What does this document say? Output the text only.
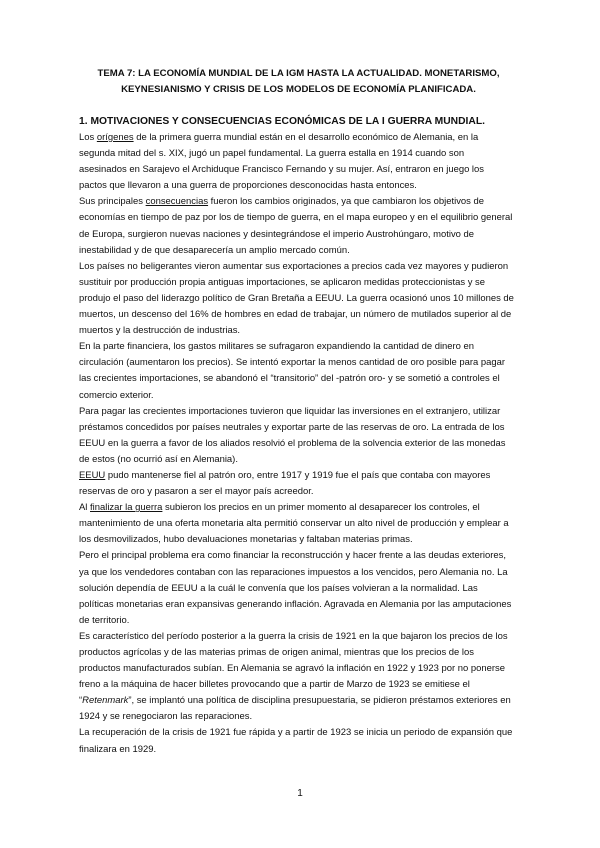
TEMA 7: LA ECONOMÍA MUNDIAL DE LA IGM HASTA LA ACTUALIDAD. MONETARISMO,
KEYNESIANISMO Y CRISIS DE LOS MODELOS DE ECONOMÍA PLANIFICADA.
1. MOTIVACIONES Y CONSECUENCIAS ECONÓMICAS DE LA I GUERRA MUNDIAL.

Los orígenes de la primera guerra mundial están en el desarrollo económico de Alemania, en la segunda mitad del s. XIX, jugó un papel fundamental. La guerra estalla en 1914 cuando son asesinados en Sarajevo el Archiduque Francisco Fernando y su mujer. Así, entraron en juego los pactos que llevaron a una guerra de proporciones desconocidas hasta entonces.

Sus principales consecuencias fueron los cambios originados, ya que cambiaron los objetivos de economías en tiempo de paz por los de tiempo de guerra, en el mapa europeo y en el equilibrio general de Europa, surgieron nuevas naciones y desintegrándose el imperio Austrohúngaro, motivo de inestabilidad y de que desaparecería un amplio mercado común.

Los países no beligerantes vieron aumentar sus exportaciones a precios cada vez mayores y pudieron sustituir por producción propia antiguas importaciones, se aplicaron medidas proteccionistas y se produjo el paso del liderazgo político de Gran Bretaña a EEUU. La guerra ocasionó unos 10 millones de muertos, un descenso del 16% de hombres en edad de trabajar, un número de mutilados superior al de muertos y la destrucción de industrias.

En la parte financiera, los gastos militares se sufragaron expandiendo la cantidad de dinero en circulación (aumentaron los precios). Se intentó exportar la menos cantidad de oro posible para pagar las crecientes importaciones, se abandonó el “transitorio” del -patrón oro- y se sometió a controles el comercio exterior.

Para pagar las crecientes importaciones tuvieron que liquidar las inversiones en el extranjero, utilizar préstamos concedidos por países neutrales y exportar parte de las reservas de oro. La entrada de los EEUU en la guerra a favor de los aliados resolvió el problema de la solvencia exterior de las monedas de estos (no ocurrió así en Alemania).

EEUU pudo mantenerse fiel al patrón oro, entre 1917 y 1919 fue el país que contaba con mayores reservas de oro y pasaron a ser el mayor país acreedor.

Al finalizar la guerra subieron los precios en un primer momento al desaparecer los controles, el mantenimiento de una oferta monetaria alta permitió conservar un alto nivel de producción y emplear a los desmovilizados, hubo devaluaciones monetarias y faltaban materias primas.

Pero el principal problema era como financiar la reconstrucción y hacer frente a las deudas exteriores, ya que los vendedores contaban con las reparaciones impuestos a los vencidos, pero Alemania no. La solución dependía de EEUU a la cuál le convenía que los países volvieran a la normalidad. Las políticas monetarias eran expansivas generando inflación. Agravada en Alemania por las amputaciones de territorio.

Es característico del período posterior a la guerra la crisis de 1921 en la que bajaron los precios de los productos agrícolas y de las materias primas de origen animal, mientras que los precios de los productos manufacturados subían. En Alemania se agravó la inflación en 1922 y 1923 por no ponerse freno a la máquina de hacer billetes provocando que a partir de Marzo de 1923 se emitiese el “Retenmark”, se implantó una política de disciplina presupuestaria, se pidieron préstamos exteriores en 1924 y se renegociaron las reparaciones.

La recuperación de la crisis de 1921 fue rápida y a partir de 1923 se inicia un periodo de expansión que finalizara en 1929.

1
